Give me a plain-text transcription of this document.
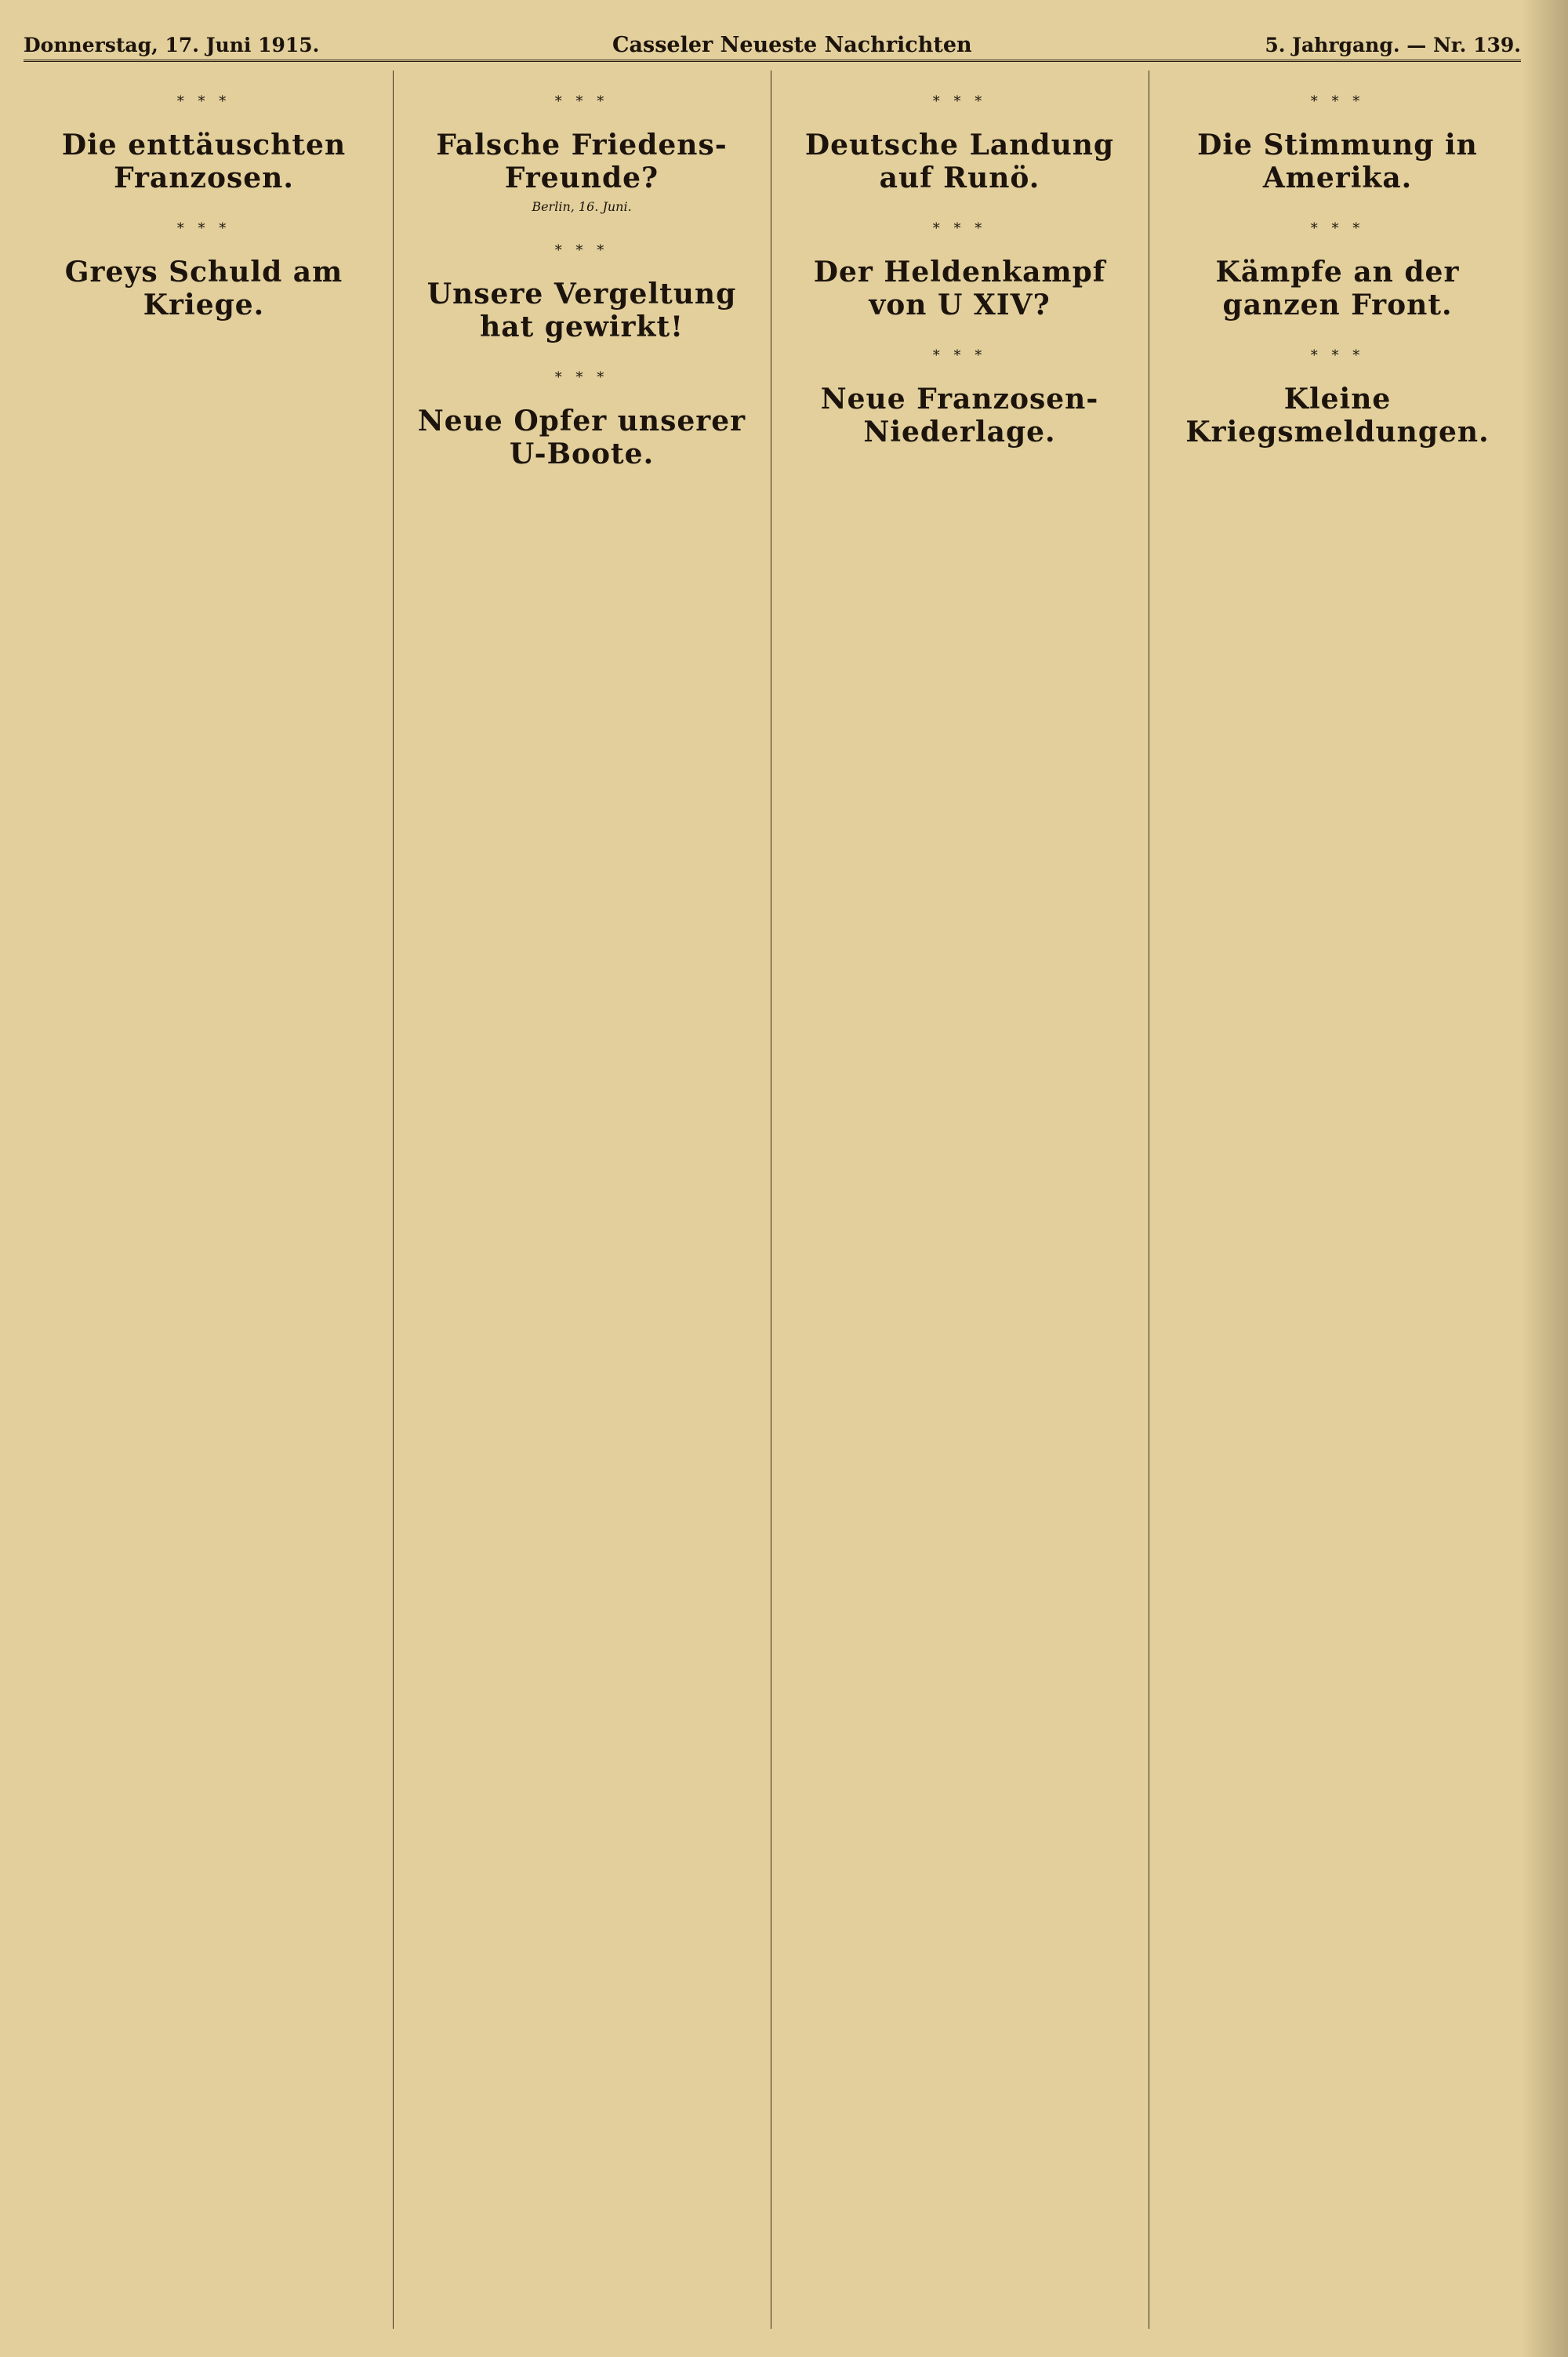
Donnerstag, 17. Juni 1915.	Casseler Neueste Nachrichten	5. Jahrgang. — Nr. 139.
* * *
Die enttäuschten Franzosen.
* * *
Greys Schuld am Kriege.
* * *
Falsche Friedens-Freunde?
Berlin, 16. Juni.
* * *
Unsere Vergeltung hat gewirkt!
* * *
Neue Opfer unserer U-Boote.
* * *
Deutsche Landung auf Runö.
* * *
Der Heldenkampf von U XIV?
* * *
Neue Franzosen-Niederlage.
* * *
Die Stimmung in Amerika.
* * *
Kämpfe an der ganzen Front.
* * *
Kleine Kriegsmeldungen.
